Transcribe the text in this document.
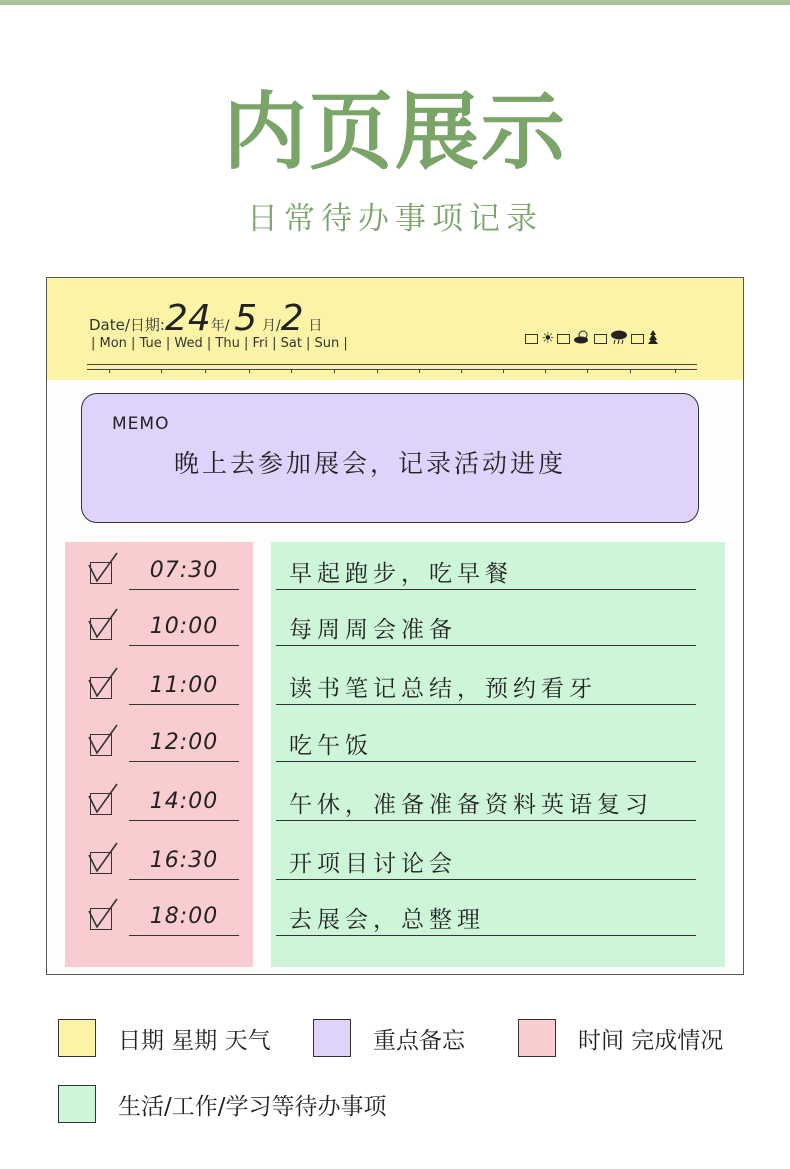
内页展示
日常待办事项记录
Date/日期:24年/ 5 月/2 日
| Mon | Tue | Wed | Thu | Fri | Sat | Sun |	☀
MEMO
晚上去参加展会，记录活动进度
07:30	早起跑步，吃早餐
10:00	每周周会准备
11:00	读书笔记总结，预约看牙
12:00	吃午饭
14:00	午休，准备准备资料英语复习
16:30	开项目讨论会
18:00	去展会，总整理
日期 星期 天气	重点备忘	时间 完成情况
生活/工作/学习等待办事项
